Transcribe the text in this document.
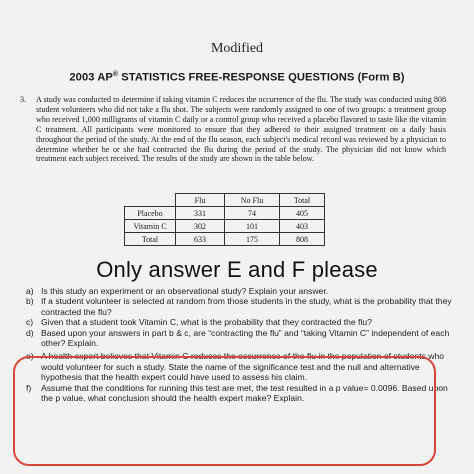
Modified
2003 AP® STATISTICS FREE-RESPONSE QUESTIONS (Form B)
3. A study was conducted to determine if taking vitamin C reduces the occurrence of the flu. The study was conducted using 808 student volunteers who did not take a flu shot. The subjects were randomly assigned to one of two groups: a treatment group who received 1,000 milligrams of vitamin C daily or a control group who received a placebo flavored to taste like the vitamin C treatment. All participants were monitored to ensure that they adhered to their assigned treatment on a daily basis throughout the period of the study. At the end of the flu season, each subject's medical record was reviewed by a physician to determine whether he or she had contracted the flu during the period of the study. The physician did not know which treatment each subject received. The results of the study are shown in the table below.
	Flu	No Flu	Total
Placebo	331	74	405
Vitamin C	302	101	403
Total	633	175	808
Only answer E and F please
a) Is this study an experiment or an observational study? Explain your answer.
b) If a student volunteer is selected at random from those students in the study, what is the probability that they contracted the flu?
c) Given that a student took Vitamin C, what is the probability that they contracted the flu?
d) Based upon your answers in part b & c, are “contracting the flu” and “taking Vitamin C” independent of each other? Explain.
e) A health expert believes that Vitamin C reduces the occurrence of the flu in the population of students who would volunteer for such a study. State the name of the significance test and the null and alternative hypothesis that the health expert could have used to assess his claim.
f) Assume that the conditions for running this test are met, the test resulted in a p value= 0.0096. Based upon the p value, what conclusion should the health expert make? Explain.
